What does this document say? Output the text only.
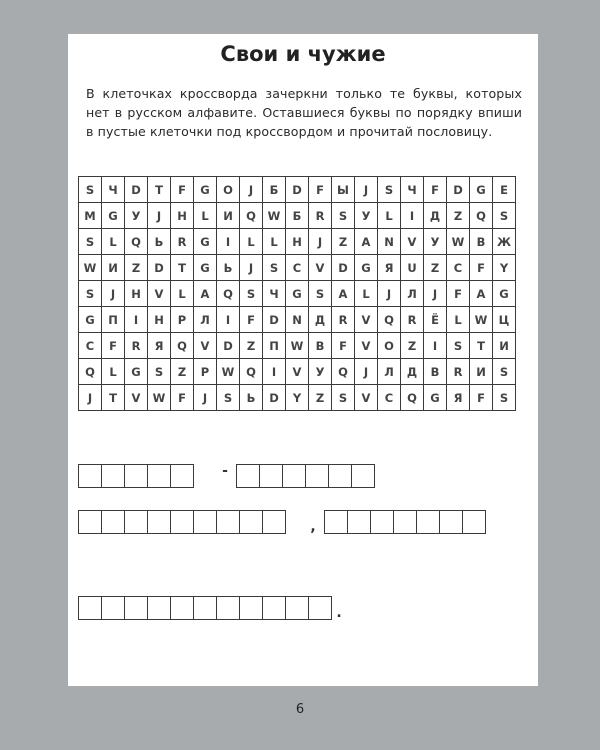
Свои и чужие
В клеточках кроссворда зачеркни только те буквы, которых нет в русском алфавите. Оставшиеся буквы по порядку впиши в пустые клеточки под кроссвордом и прочитай пословицу.
S	Ч	D	T	F	G	O	J	Б	D	F	Ы	J	S	Ч	F	D	G	E
M	G	У	J	H	L	И	Q	W	Б	R	S	У	L	I	Д	Z	Q	S
S	L	Q	Ь	R	G	I	L	L	H	J	Z	A	N	V	У	W	B	Ж
W	И	Z	D	T	G	Ь	J	S	C	V	D	G	Я	U	Z	C	F	Y
S	J	H	V	L	A	Q	S	Ч	G	S	A	L	J	Л	J	F	A	G
G	П	I	H	P	Л	I	F	D	N	Д	R	V	Q	R	Ё	L	W	Ц
C	F	R	Я	Q	V	D	Z	П	W	B	F	V	O	Z	I	S	T	И
Q	L	G	S	Z	P	W	Q	I	V	У	Q	J	Л	Д	B	R	И	S
J	T	V	W	F	J	S	Ь	D	Y	Z	S	V	C	Q	G	Я	F	S
-
,
.
6
